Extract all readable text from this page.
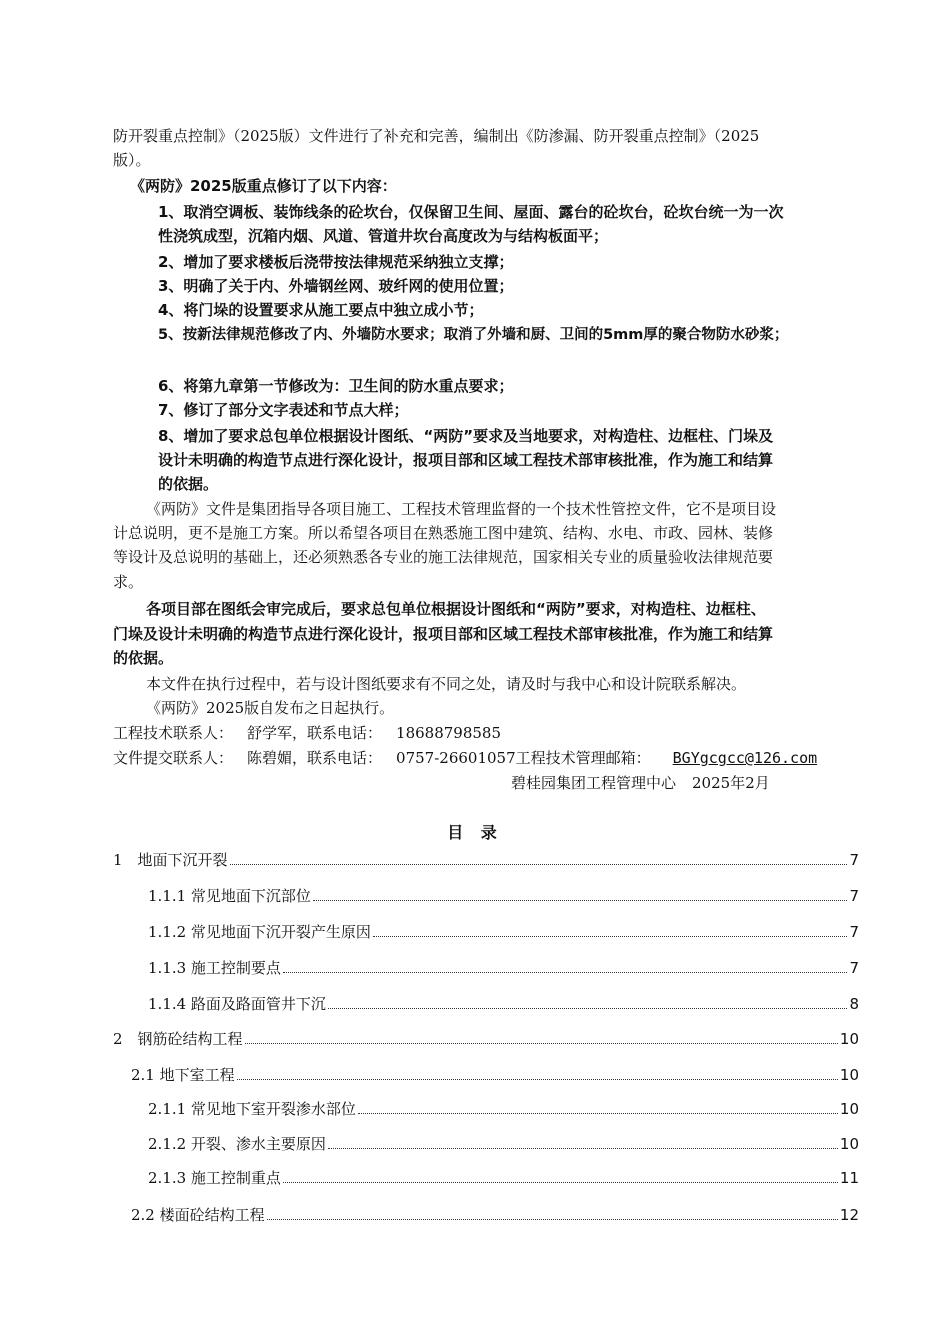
防开裂重点控制》（2025版）文件进行了补充和完善，编制出《防渗漏、防开裂重点控制》（2025
版）。
《两防》2025版重点修订了以下内容：
1、取消空调板、装饰线条的砼坎台，仅保留卫生间、屋面、露台的砼坎台，砼坎台统一为一次
性浇筑成型，沉箱内烟、风道、管道井坎台高度改为与结构板面平；
2、增加了要求楼板后浇带按法律规范采纳独立支撑；
3、明确了关于内、外墙钢丝网、玻纤网的使用位置；
4、将门垛的设置要求从施工要点中独立成小节；
5、按新法律规范修改了内、外墙防水要求；取消了外墙和厨、卫间的5mm厚的聚合物防水砂浆；
6、将第九章第一节修改为：卫生间的防水重点要求；
7、修订了部分文字表述和节点大样；
8、增加了要求总包单位根据设计图纸、“两防”要求及当地要求，对构造柱、边框柱、门垛及
设计未明确的构造节点进行深化设计，报项目部和区域工程技术部审核批准，作为施工和结算
的依据。
《两防》文件是集团指导各项目施工、工程技术管理监督的一个技术性管控文件，它不是项目设
计总说明，更不是施工方案。所以希望各项目在熟悉施工图中建筑、结构、水电、市政、园林、装修
等设计及总说明的基础上，还必须熟悉各专业的施工法律规范，国家相关专业的质量验收法律规范要
求。
各项目部在图纸会审完成后，要求总包单位根据设计图纸和“两防”要求，对构造柱、边框柱、
门垛及设计未明确的构造节点进行深化设计，报项目部和区域工程技术部审核批准，作为施工和结算
的依据。
本文件在执行过程中，若与设计图纸要求有不同之处，请及时与我中心和设计院联系解决。
《两防》2025版自发布之日起执行。
工程技术联系人： 舒学军，联系电话： 18688798585
文件提交联系人： 陈碧媚，联系电话： 0757-26601057工程技术管理邮箱： BGYgcgcc@126.com
碧桂园集团工程管理中心 2025年2月
目 录
1　地面下沉开裂	7
1.1.1 常见地面下沉部位	7
1.1.2 常见地面下沉开裂产生原因	7
1.1.3 施工控制要点	7
1.1.4 路面及路面管井下沉	8
2　钢筋砼结构工程	10
2.1 地下室工程	10
2.1.1 常见地下室开裂渗水部位	10
2.1.2 开裂、渗水主要原因	10
2.1.3 施工控制重点	11
2.2 楼面砼结构工程	12
